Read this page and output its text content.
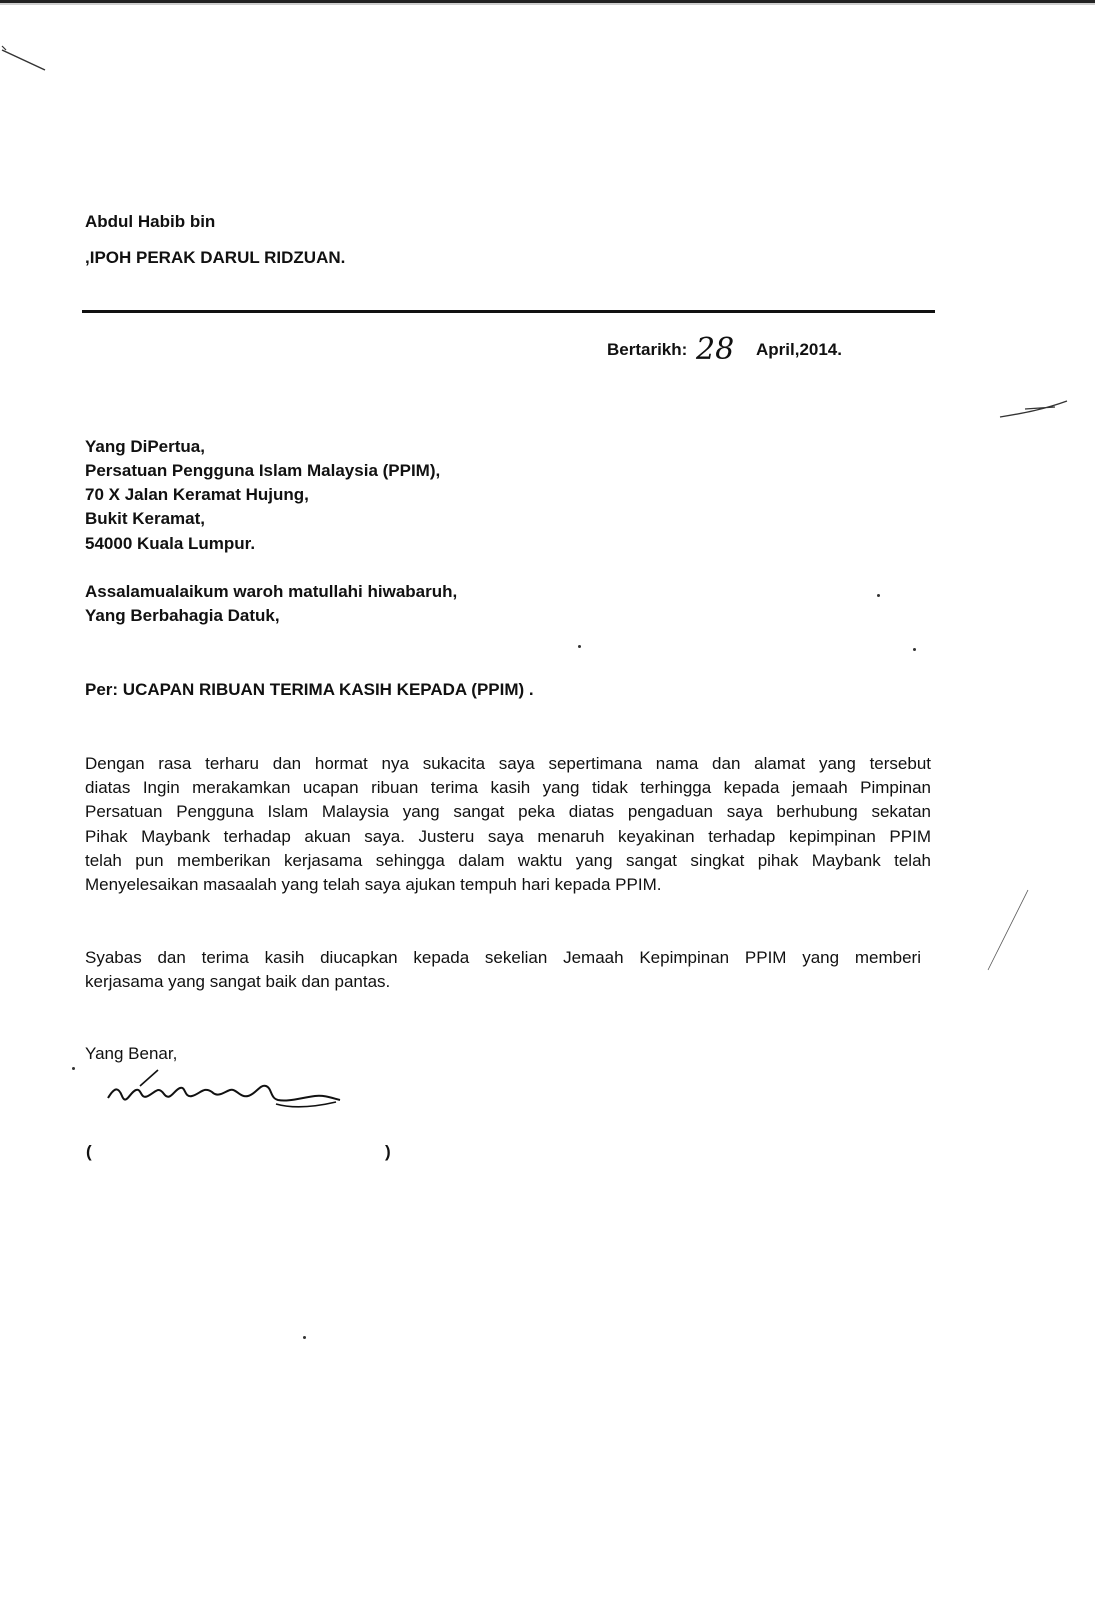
Abdul Habib bin
,IPOH PERAK DARUL RIDZUAN.
Bertarikh: 28 April,2014.
Yang DiPertua,
Persatuan Pengguna Islam Malaysia (PPIM),
70 X Jalan Keramat Hujung,
Bukit Keramat,
54000 Kuala Lumpur.
Assalamualaikum waroh matullahi hiwabaruh,
Yang Berbahagia Datuk,
Per: UCAPAN RIBUAN TERIMA KASIH KEPADA (PPIM) .
Dengan rasa terharu dan hormat nya sukacita saya sepertimana nama dan alamat yang tersebut
diatas Ingin merakamkan ucapan ribuan terima kasih yang tidak terhingga kepada jemaah Pimpinan
Persatuan Pengguna Islam Malaysia yang sangat peka diatas pengaduan saya berhubung sekatan
Pihak Maybank terhadap akuan saya. Justeru saya menaruh keyakinan terhadap kepimpinan PPIM
telah pun memberikan kerjasama sehingga dalam waktu yang sangat singkat pihak Maybank telah
Menyelesaikan masaalah yang telah saya ajukan tempuh hari kepada PPIM.
Syabas dan terima kasih diucapkan kepada sekelian Jemaah Kepimpinan PPIM yang memberi
kerjasama yang sangat baik dan pantas.
Yang Benar,
(	)
